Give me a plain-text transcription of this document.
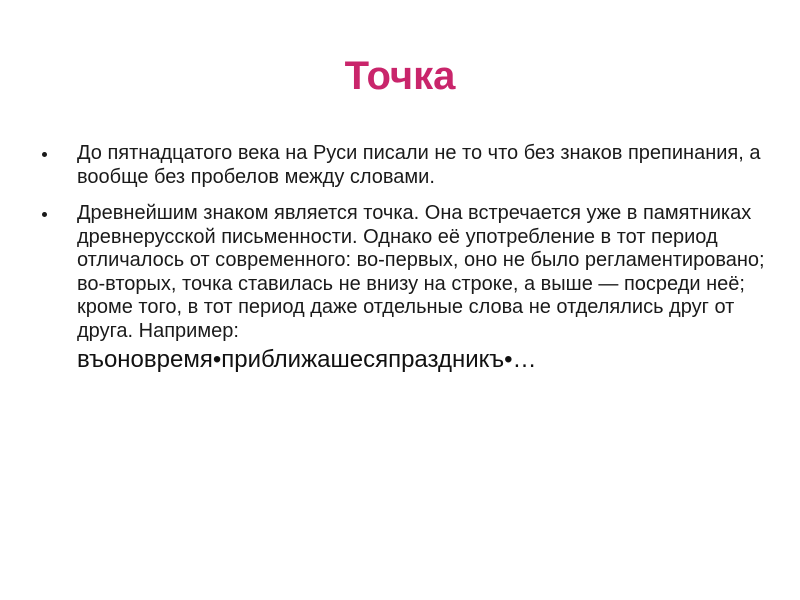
Точка
До пятнадцатого века на Руси писали не то что без знаков препинания, а вообще без пробелов между словами.
Древнейшим знаком является точка. Она встречается уже в памятниках древнерусской письменности. Однако её употребление в тот период отличалось от современного: во-первых, оно не было регламентировано; во-вторых, точка ставилась не внизу на строке, а выше — посреди неё; кроме того, в тот период даже отдельные слова не отделялись друг от друга. Например:
въоновремя•приближашесяпраздникъ•…
